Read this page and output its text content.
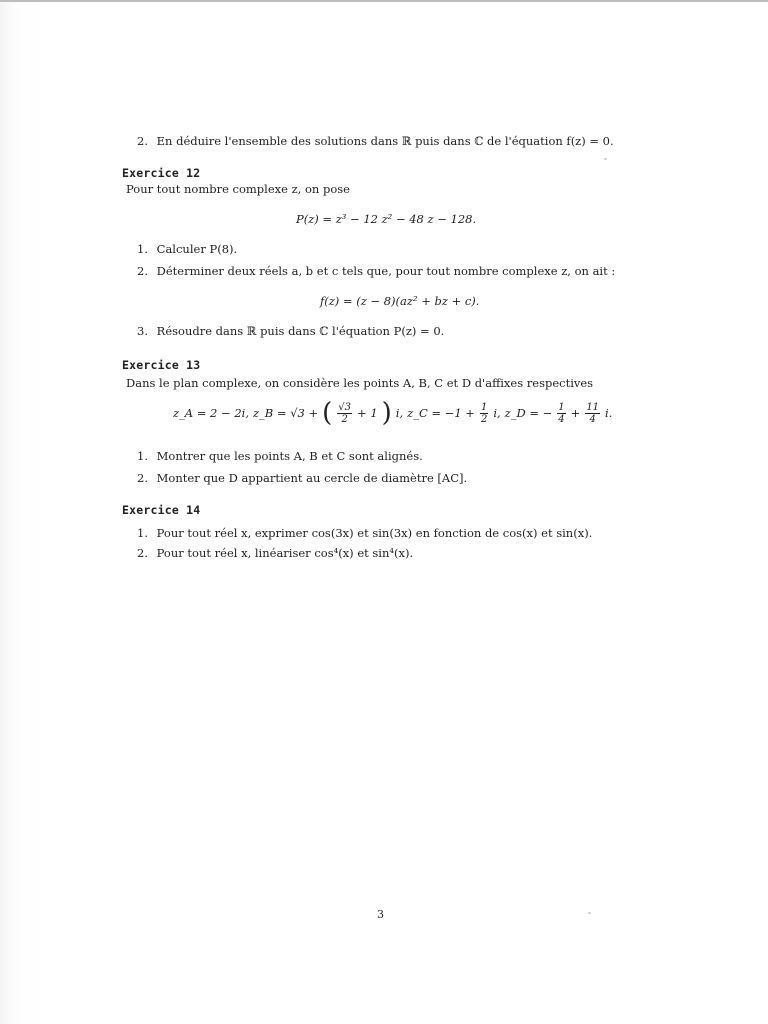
2. En déduire l'ensemble des solutions dans ℝ puis dans ℂ de l'équation f(z) = 0.
Exercice 12
Pour tout nombre complexe z, on pose
P(z) = z³ − 12 z² − 48 z − 128.
1. Calculer P(8).
2. Déterminer deux réels a, b et c tels que, pour tout nombre complexe z, on ait :
f(z) = (z − 8)(az² + bz + c).
3. Résoudre dans ℝ puis dans ℂ l'équation P(z) = 0.
Exercice 13
Dans le plan complexe, on considère les points A, B, C et D d'affixes respectives
z_A = 2 − 2i, z_B = √3 + ( $\frac{√3}{2} + 1$ ) i, z_C = $-1 + \frac{1}{2} i$, z_D = − $\frac{1}{4} + \frac{11}{4} i$.
1. Montrer que les points A, B et C sont alignés.
2. Monter que D appartient au cercle de diamètre [AC].
Exercice 14
1. Pour tout réel x, exprimer cos(3x) et sin(3x) en fonction de cos(x) et sin(x).
2. Pour tout réel x, linéariser cos⁴(x) et sin⁴(x).
3
